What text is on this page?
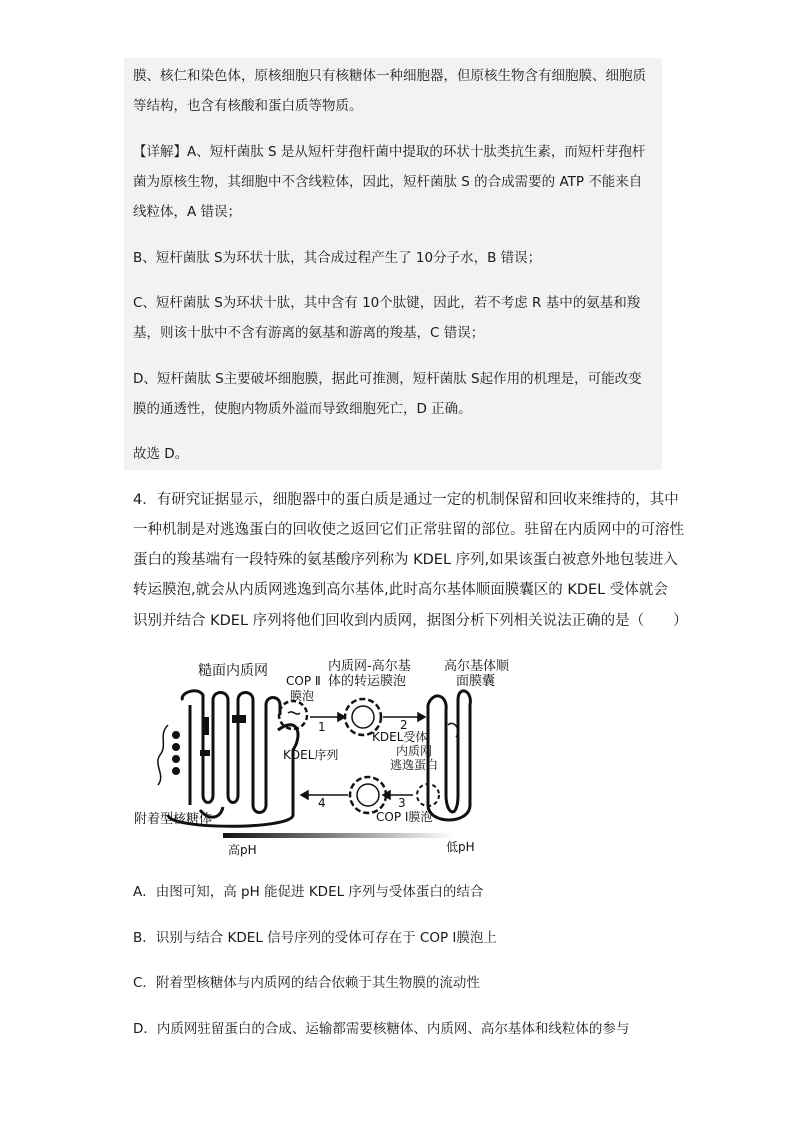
膜、核仁和染色体，原核细胞只有核糖体一种细胞器，但原核生物含有细胞膜、细胞质
等结构，也含有核酸和蛋白质等物质。
【详解】A、短杆菌肽 S 是从短杆芽孢杆菌中提取的环状十肽类抗生素，而短杆芽孢杆
菌为原核生物，其细胞中不含线粒体，因此，短杆菌肽 S 的合成需要的 ATP 不能来自
线粒体，A 错误；
B、短杆菌肽 S为环状十肽，其合成过程产生了 10分子水，B 错误；
C、短杆菌肽 S为环状十肽，其中含有 10个肽键，因此，若不考虑 R 基中的氨基和羧
基，则该十肽中不含有游离的氨基和游离的羧基，C 错误；
D、短杆菌肽 S主要破坏细胞膜，据此可推测，短杆菌肽 S起作用的机理是，可能改变
膜的通透性，使胞内物质外溢而导致细胞死亡，D 正确。
故选 D。
4．有研究证据显示，细胞器中的蛋白质是通过一定的机制保留和回收来维持的，其中
一种机制是对逃逸蛋白的回收使之返回它们正常驻留的部位。驻留在内质网中的可溶性
蛋白的羧基端有一段特殊的氨基酸序列称为 KDEL 序列,如果该蛋白被意外地包装进入
转运膜泡,就会从内质网逃逸到高尔基体,此时高尔基体顺面膜囊区的 KDEL 受体就会
识别并结合 KDEL 序列将他们回收到内质网，据图分析下列相关说法正确的是（　　）
糙面内质网
COP Ⅱ
膜泡
内质网-高尔基
体的转运膜泡
高尔基体顺
面膜囊
KDEL受体
KDEL序列	内质网
逃逸蛋白
附着型核糖体	COP Ⅰ膜泡
高pH	低pH
1	2
3
4
A．由图可知，高 pH 能促进 KDEL 序列与受体蛋白的结合
B．识别与结合 KDEL 信号序列的受体可存在于 COP Ⅰ膜泡上
C．附着型核糖体与内质网的结合依赖于其生物膜的流动性
D．内质网驻留蛋白的合成、运输都需要核糖体、内质网、高尔基体和线粒体的参与
